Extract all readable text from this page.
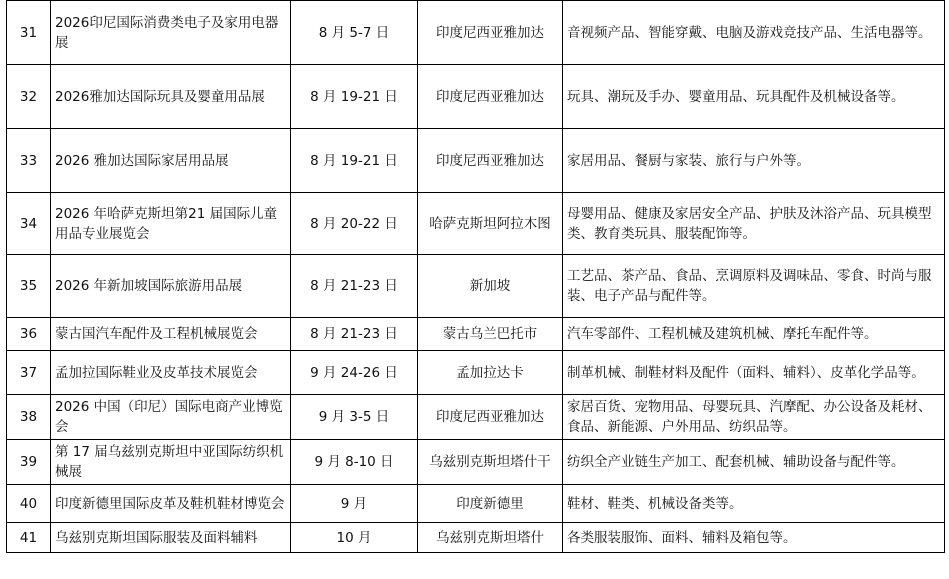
31	2026印尼国际消费类电子及家用电器展	8 月 5-7 日	印度尼西亚雅加达	音视频产品、智能穿戴、电脑及游戏竞技产品、生活电器等。
32	2026雅加达国际玩具及婴童用品展	8 月 19-21 日	印度尼西亚雅加达	玩具、潮玩及手办、婴童用品、玩具配件及机械设备等。
33	2026 雅加达国际家居用品展	8 月 19-21 日	印度尼西亚雅加达	家居用品、餐厨与家装、旅行与户外等。
34	2026 年哈萨克斯坦第21 届国际儿童用品专业展览会	8 月 20-22 日	哈萨克斯坦阿拉木图	母婴用品、健康及家居安全产品、护肤及沐浴产品、玩具模型类、教育类玩具、服装配饰等。
35	2026 年新加坡国际旅游用品展	8 月 21-23 日	新加坡	工艺品、茶产品、食品、烹调原料及调味品、零食、时尚与服装、电子产品与配件等。
36	蒙古国汽车配件及工程机械展览会	8 月 21-23 日	蒙古乌兰巴托市	汽车零部件、工程机械及建筑机械、摩托车配件等。
37	孟加拉国际鞋业及皮革技术展览会	9 月 24-26 日	孟加拉达卡	制革机械、制鞋材料及配件（面料、辅料）、皮革化学品等。
38	2026 中国（印尼）国际电商产业博览会	9 月 3-5 日	印度尼西亚雅加达	家居百货、宠物用品、母婴玩具、汽摩配、办公设备及耗材、食品、新能源、户外用品、纺织品等。
39	第 17 届乌兹别克斯坦中亚国际纺织机械展	9 月 8-10 日	乌兹别克斯坦塔什干	纺织全产业链生产加工、配套机械、辅助设备与配件等。
40	印度新德里国际皮革及鞋机鞋材博览会	9 月	印度新德里	鞋材、鞋类、机械设备类等。
41	乌兹别克斯坦国际服装及面料辅料	10 月	乌兹别克斯坦塔什	各类服装服饰、面料、辅料及箱包等。
